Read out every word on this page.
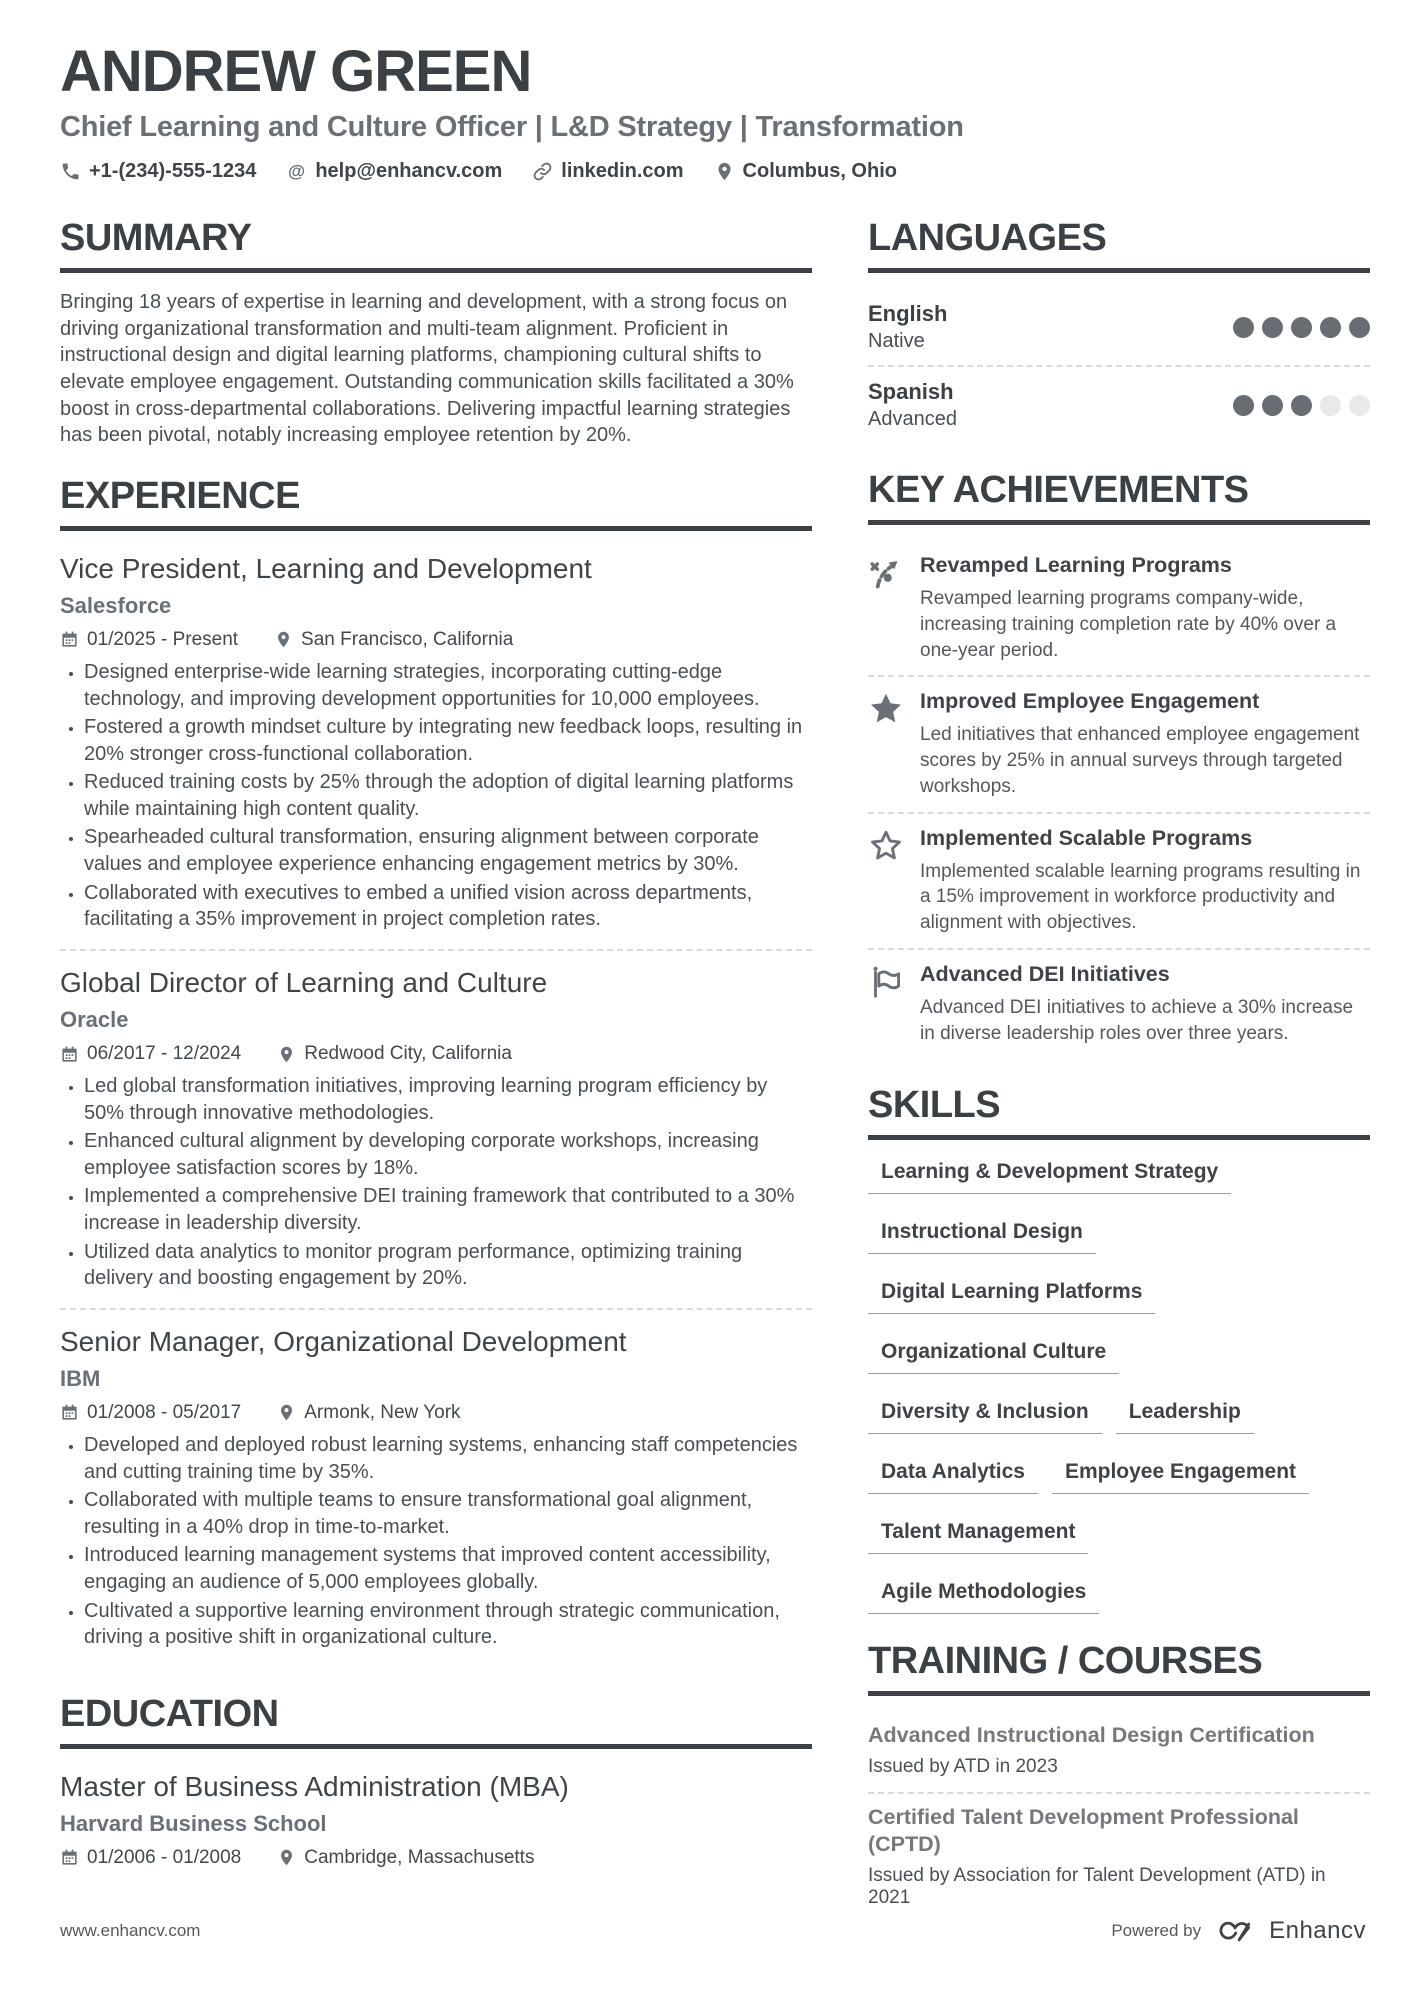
ANDREW GREEN
Chief Learning and Culture Officer | L&D Strategy | Transformation
+1-(234)-555-1234	help@enhancv.com	linkedin.com	Columbus, Ohio
SUMMARY

Bringing 18 years of expertise in learning and development, with a strong focus on driving organizational transformation and multi-team alignment. Proficient in instructional design and digital learning platforms, championing cultural shifts to elevate employee engagement. Outstanding communication skills facilitated a 30% boost in cross-departmental collaborations. Delivering impactful learning strategies has been pivotal, notably increasing employee retention by 20%.

EXPERIENCE
Vice President, Learning and Development
Salesforce
01/2025 - Present	San Francisco, California
• Designed enterprise-wide learning strategies, incorporating cutting-edge technology, and improving development opportunities for 10,000 employees.
• Fostered a growth mindset culture by integrating new feedback loops, resulting in 20% stronger cross-functional collaboration.
• Reduced training costs by 25% through the adoption of digital learning platforms while maintaining high content quality.
• Spearheaded cultural transformation, ensuring alignment between corporate values and employee experience enhancing engagement metrics by 30%.
• Collaborated with executives to embed a unified vision across departments, facilitating a 35% improvement in project completion rates.
Global Director of Learning and Culture
Oracle
06/2017 - 12/2024	Redwood City, California
• Led global transformation initiatives, improving learning program efficiency by 50% through innovative methodologies.
• Enhanced cultural alignment by developing corporate workshops, increasing employee satisfaction scores by 18%.
• Implemented a comprehensive DEI training framework that contributed to a 30% increase in leadership diversity.
• Utilized data analytics to monitor program performance, optimizing training delivery and boosting engagement by 20%.
Senior Manager, Organizational Development
IBM
01/2008 - 05/2017	Armonk, New York
• Developed and deployed robust learning systems, enhancing staff competencies and cutting training time by 35%.
• Collaborated with multiple teams to ensure transformational goal alignment, resulting in a 40% drop in time-to-market.
• Introduced learning management systems that improved content accessibility, engaging an audience of 5,000 employees globally.
• Cultivated a supportive learning environment through strategic communication, driving a positive shift in organizational culture.
EDUCATION
Master of Business Administration (MBA)
Harvard Business School
01/2006 - 01/2008	Cambridge, Massachusetts
LANGUAGES
English
Native
Spanish
Advanced
KEY ACHIEVEMENTS
Revamped Learning Programs

Revamped learning programs company-wide, increasing training completion rate by 40% over a one-year period.

Improved Employee Engagement

Led initiatives that enhanced employee engagement scores by 25% in annual surveys through targeted workshops.

Implemented Scalable Programs

Implemented scalable learning programs resulting in a 15% improvement in workforce productivity and alignment with objectives.

Advanced DEI Initiatives

Advanced DEI initiatives to achieve a 30% increase in diverse leadership roles over three years.

SKILLS
Learning & Development Strategy
Instructional Design
Digital Learning Platforms
Organizational Culture
Diversity & Inclusion	Leadership
Data Analytics	Employee Engagement
Talent Management
Agile Methodologies
TRAINING / COURSES
Advanced Instructional Design Certification
Issued by ATD in 2023
Certified Talent Development Professional (CPTD)
Issued by Association for Talent Development (ATD) in 2021
www.enhancv.com	Powered by	Enhancv
